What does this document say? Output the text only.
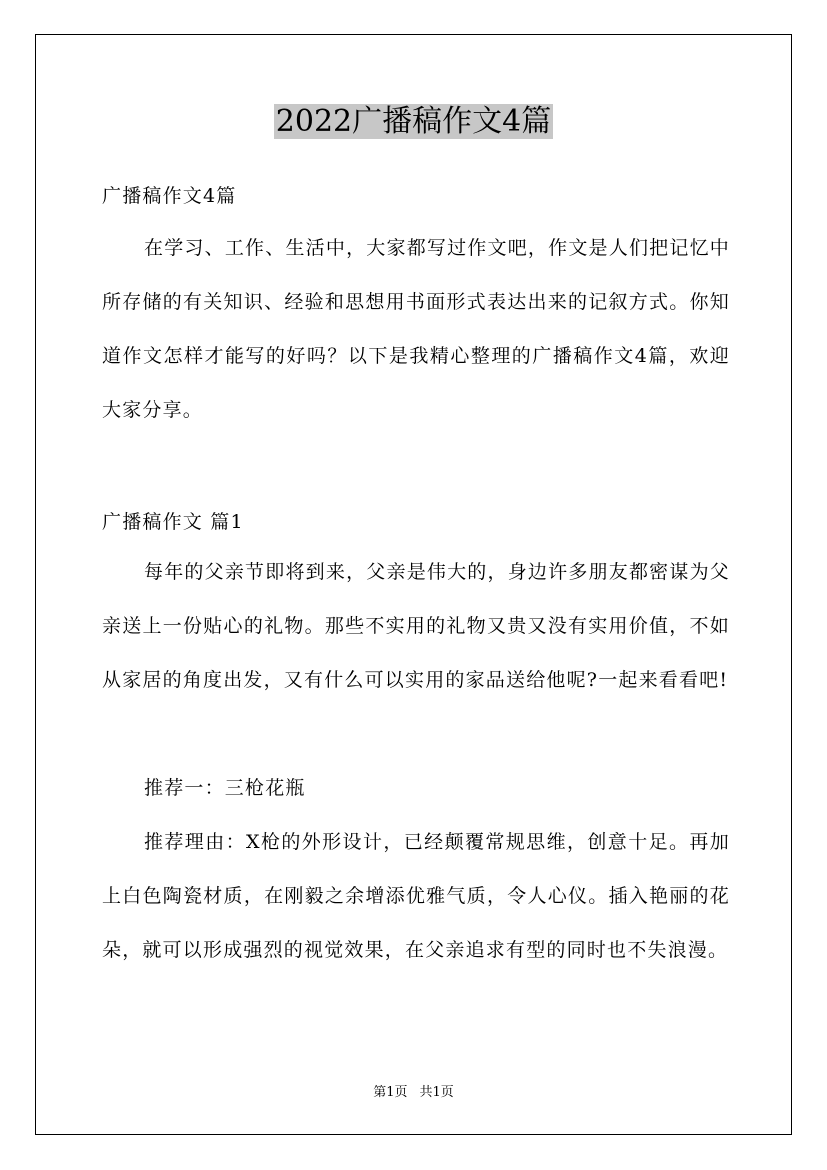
2022广播稿作文4篇
广播稿作文4篇
在学习、工作、生活中，大家都写过作文吧，作文是人们把记忆中所存储的有关知识、经验和思想用书面形式表达出来的记叙方式。你知道作文怎样才能写的好吗？以下是我精心整理的广播稿作文4篇，欢迎大家分享。
广播稿作文 篇1
每年的父亲节即将到来，父亲是伟大的，身边许多朋友都密谋为父亲送上一份贴心的礼物。那些不实用的礼物又贵又没有实用价值，不如从家居的角度出发，又有什么可以实用的家品送给他呢?一起来看看吧!
推荐一：三枪花瓶
推荐理由：X枪的外形设计，已经颠覆常规思维，创意十足。再加上白色陶瓷材质，在刚毅之余增添优雅气质，令人心仪。插入艳丽的花朵，就可以形成强烈的视觉效果，在父亲追求有型的同时也不失浪漫。
第1页 共1页
